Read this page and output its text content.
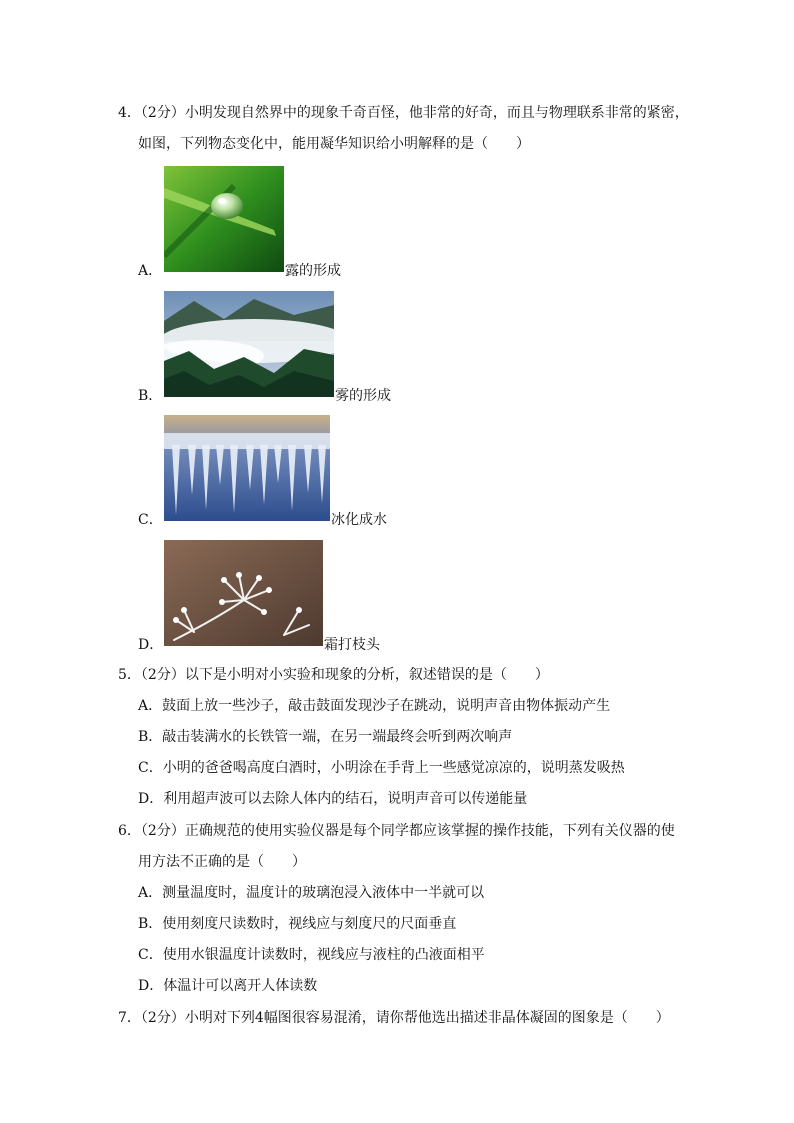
4．（2分）小明发现自然界中的现象千奇百怪，他非常的好奇，而且与物理联系非常的紧密，
如图，下列物态变化中，能用凝华知识给小明解释的是（　　）
A．	露的形成
B．	雾的形成
C．	冰化成水
D．	霜打枝头
5．（2分）以下是小明对小实验和现象的分析，叙述错误的是（　　）
A．鼓面上放一些沙子，敲击鼓面发现沙子在跳动，说明声音由物体振动产生
B．敲击装满水的长铁管一端，在另一端最终会听到两次响声
C．小明的爸爸喝高度白酒时，小明涂在手背上一些感觉凉凉的，说明蒸发吸热
D．利用超声波可以去除人体内的结石，说明声音可以传递能量
6．（2分）正确规范的使用实验仪器是每个同学都应该掌握的操作技能，下列有关仪器的使
用方法不正确的是（　　）
A．测量温度时，温度计的玻璃泡浸入液体中一半就可以
B．使用刻度尺读数时，视线应与刻度尺的尺面垂直
C．使用水银温度计读数时，视线应与液柱的凸液面相平
D．体温计可以离开人体读数
7．（2分）小明对下列4幅图很容易混淆，请你帮他选出描述非晶体凝固的图象是（　　）
